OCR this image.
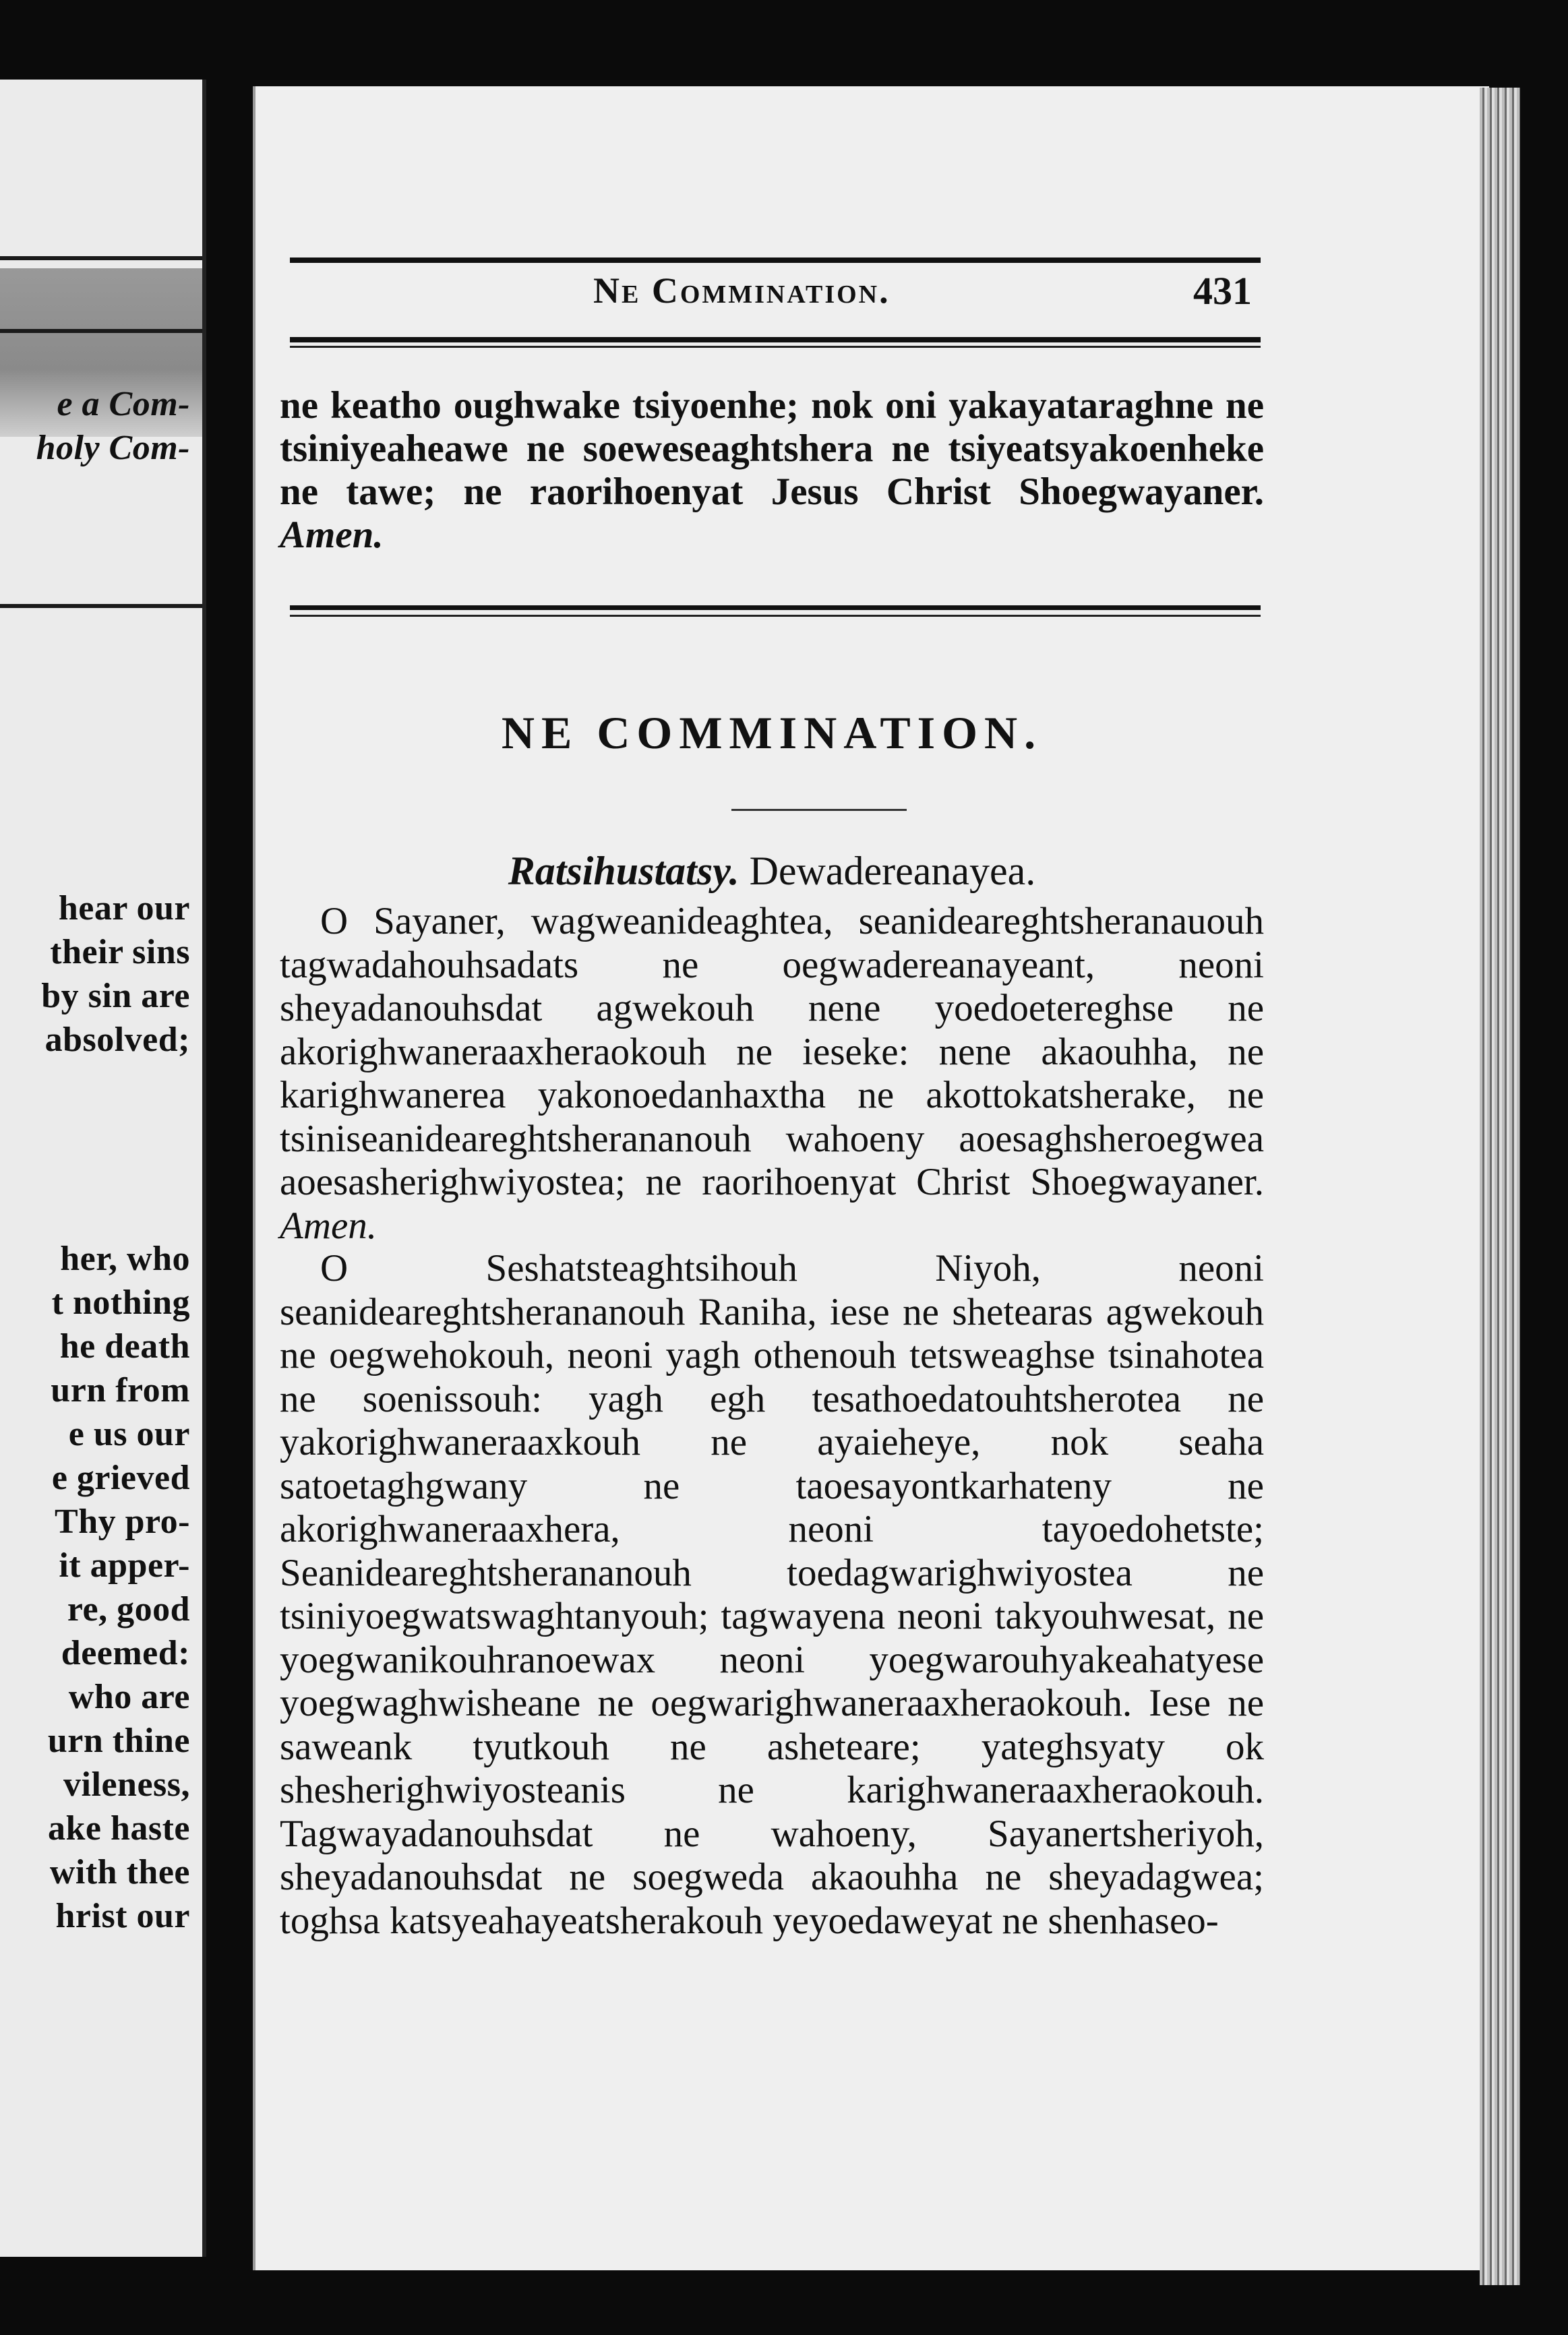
e a Com-
holy Com-
hear our
their sins
by sin are
absolved;
her, who
t nothing
he death
urn from
e us our
e grieved
Thy pro-
it apper-
re, good
deemed:
who are
urn thine
vileness,
ake haste
with thee
hrist our
Ne Commination.	431

ne keatho oughwake tsiyoenhe; nok oni yakayataraghne ne tsiniyeaheawe ne soeweseaghtshera ne tsiyeatsyakoenheke ne tawe; ne raorihoenyat Jesus Christ Shoegwayaner. Amen.

NE COMMINATION.

Ratsihustatsy. Dewadereanayea.

O Sayaner, wagweanideaghtea, seanideareghtsheranauouh tagwadahouhsadats ne oegwadereanayeant, neoni sheyadanouhsdat agwekouh nene yoedoetereghse ne akorighwaneraaxheraokouh ne ieseke: nene akaouhha, ne karighwanerea yakonoedanhaxtha ne akottokatsherake, ne tsiniseanideareghtsherananouh wahoeny aoesaghsheroegwea aoesasherighwiyostea; ne raorihoenyat Christ Shoegwayaner. Amen.

O Seshatsteaghtsihouh Niyoh, neoni seanideareghtsherananouh Raniha, iese ne shetearas agwekouh ne oegwehokouh, neoni yagh othenouh tetsweaghse tsinahotea ne soenissouh: yagh egh tesathoedatouhtsherotea ne yakorighwaneraaxkouh ne ayaieheye, nok seaha satoetaghgwany ne taoesayontkarhateny ne akorighwaneraaxhera, neoni tayoedohetste; Seanideareghtsherananouh toedagwarighwiyostea ne tsiniyoegwatswaghtanyouh; tagwayena neoni takyouhwesat, ne yoegwanikouhranoewax neoni yoegwarouhyakeahatyese yoegwaghwisheane ne oegwarighwaneraaxheraokouh. Iese ne saweank tyutkouh ne asheteare; yateghsyaty ok shesherighwiyosteanis ne karighwaneraaxheraokouh. Tagwayadanouhsdat ne wahoeny, Sayanertsheriyoh, sheyadanouhsdat ne soegweda akaouhha ne sheyadagwea; toghsa katsyeahayeatsherakouh yeyoedaweyat ne shenhaseo-
